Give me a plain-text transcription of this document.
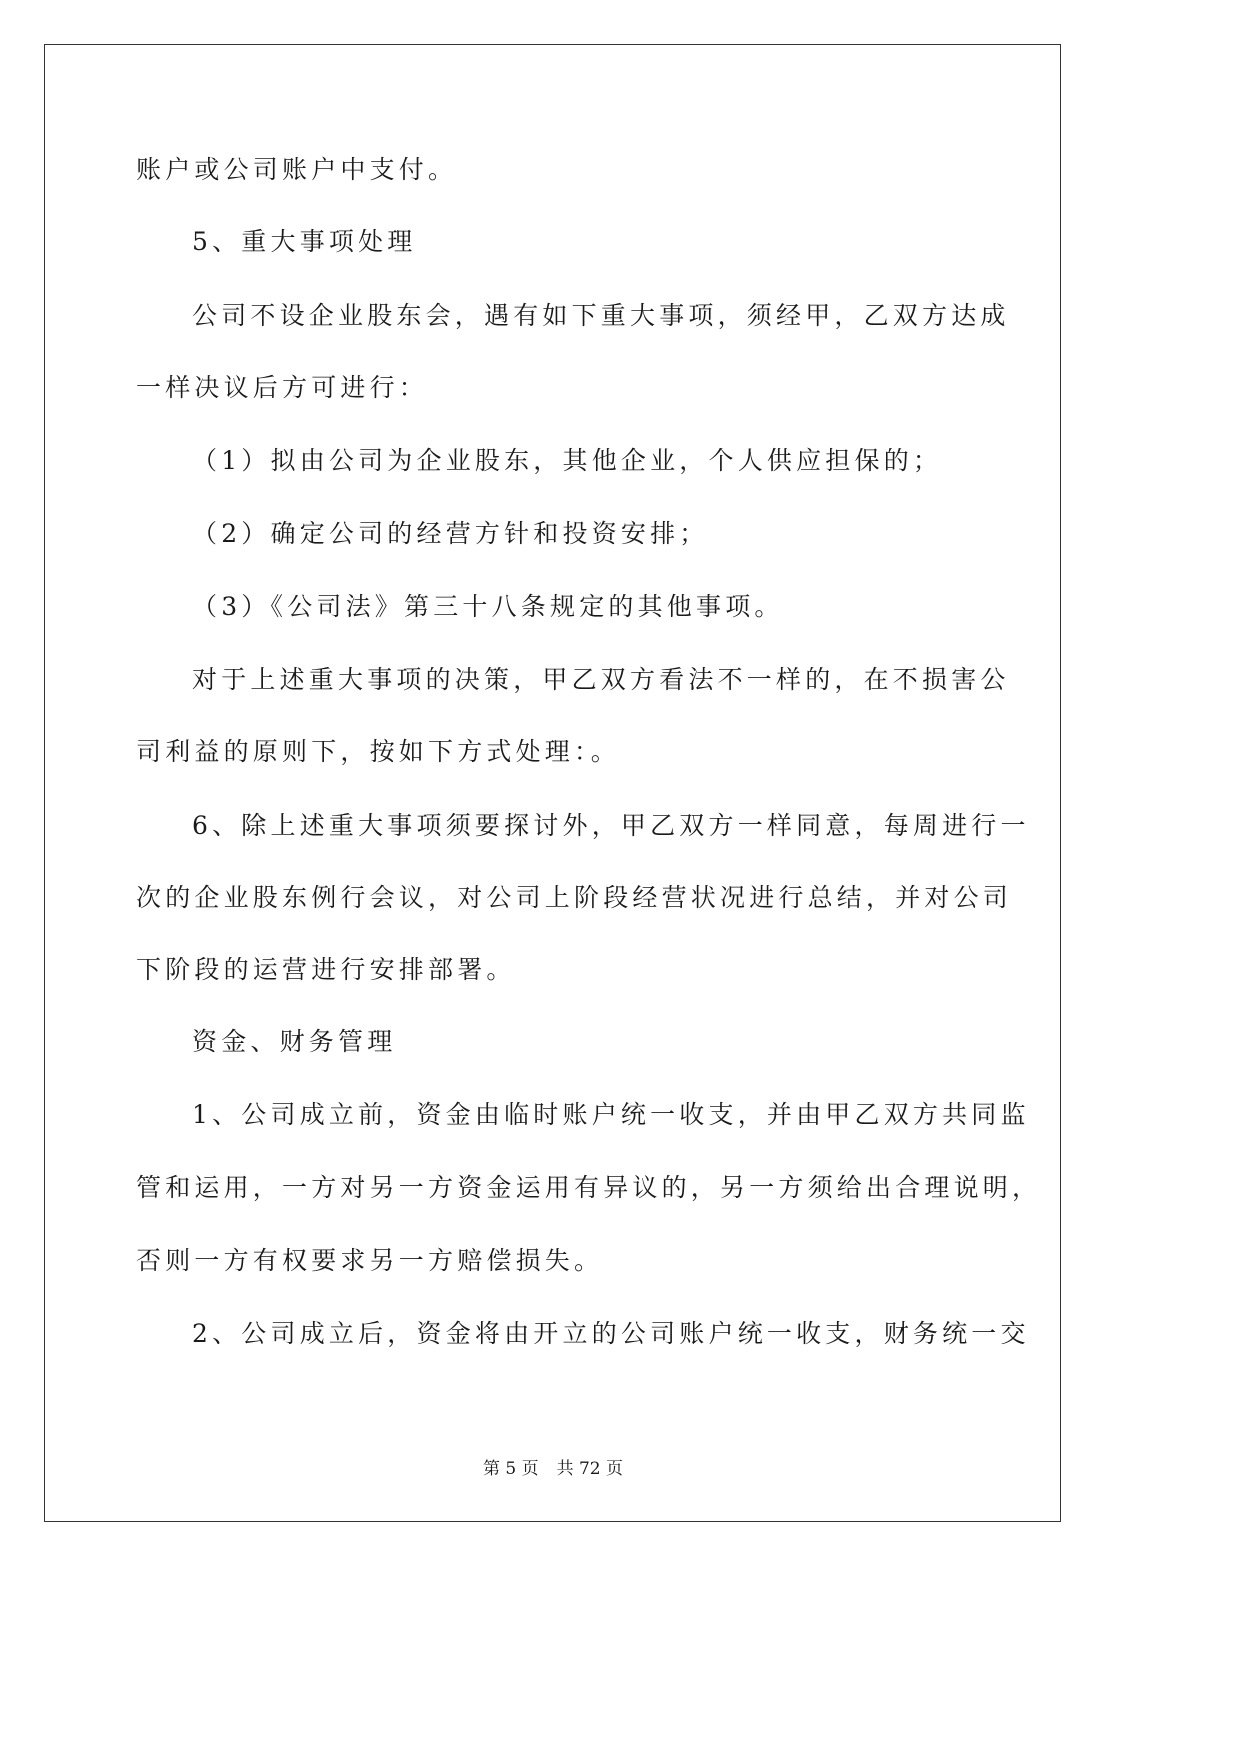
账户或公司账户中支付。
5、重大事项处理
公司不设企业股东会，遇有如下重大事项，须经甲，乙双方达成
一样决议后方可进行：
（1）拟由公司为企业股东，其他企业，个人供应担保的；
（2）确定公司的经营方针和投资安排；
（3）《公司法》第三十八条规定的其他事项。
对于上述重大事项的决策，甲乙双方看法不一样的，在不损害公
司利益的原则下，按如下方式处理：。
6、除上述重大事项须要探讨外，甲乙双方一样同意，每周进行一
次的企业股东例行会议，对公司上阶段经营状况进行总结，并对公司
下阶段的运营进行安排部署。
资金、财务管理
1、公司成立前，资金由临时账户统一收支，并由甲乙双方共同监
管和运用，一方对另一方资金运用有异议的，另一方须给出合理说明，
否则一方有权要求另一方赔偿损失。
2、公司成立后，资金将由开立的公司账户统一收支，财务统一交
第 5 页 共 72 页
